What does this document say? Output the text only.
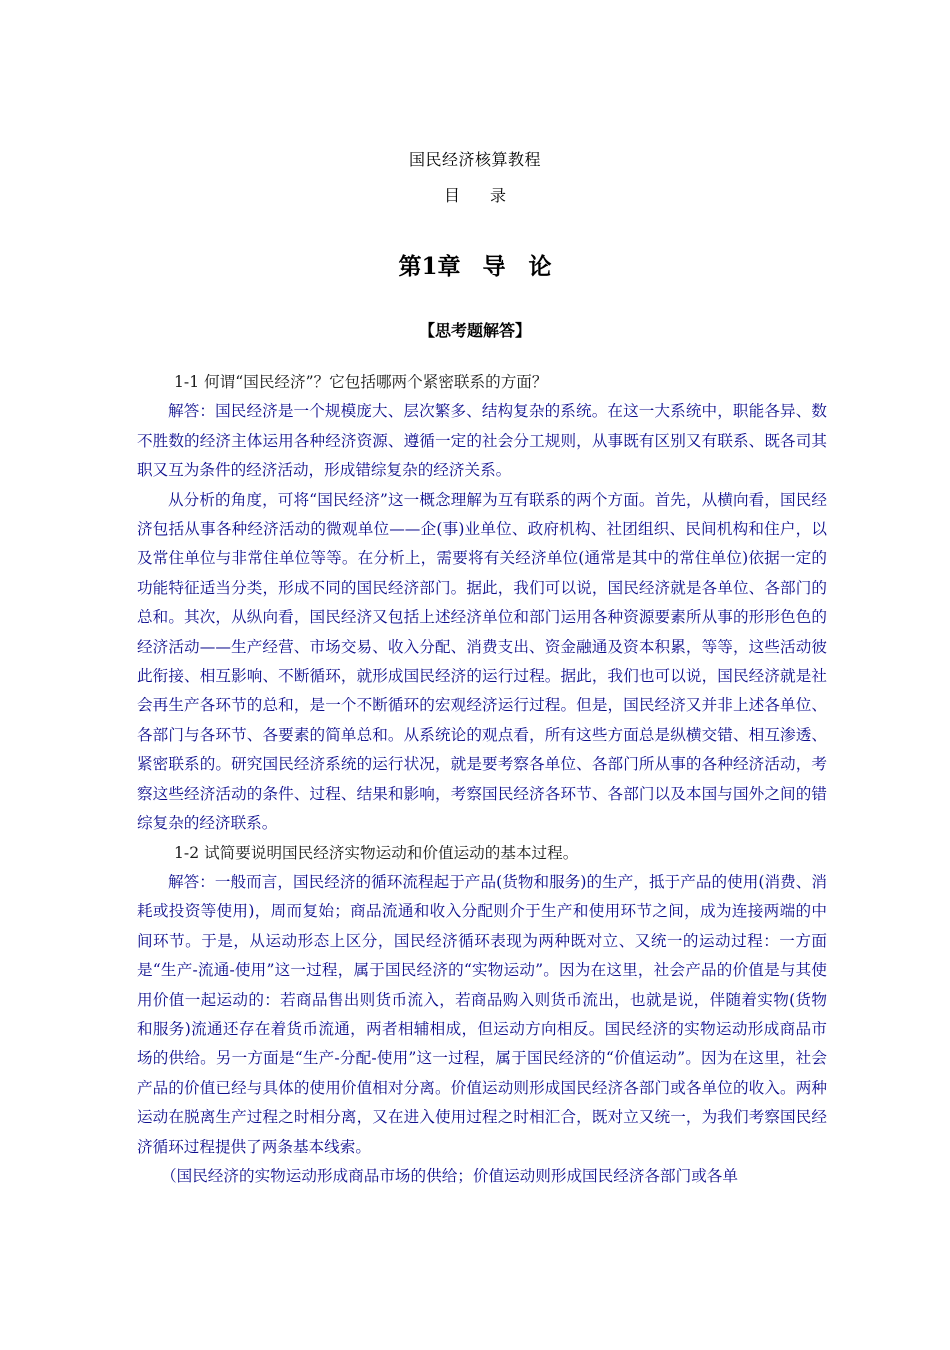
国民经济核算教程
目 录
第1章 导　论
【思考题解答】

1-1 何谓“国民经济”？它包括哪两个紧密联系的方面？

解答：国民经济是一个规模庞大、层次繁多、结构复杂的系统。在这一大系统中，职能各异、数不胜数的经济主体运用各种经济资源、遵循一定的社会分工规则，从事既有区别又有联系、既各司其职又互为条件的经济活动，形成错综复杂的经济关系。

从分析的角度，可将“国民经济”这一概念理解为互有联系的两个方面。首先，从横向看，国民经济包括从事各种经济活动的微观单位——企(事)业单位、政府机构、社团组织、民间机构和住户，以及常住单位与非常住单位等等。在分析上，需要将有关经济单位(通常是其中的常住单位)依据一定的功能特征适当分类，形成不同的国民经济部门。据此，我们可以说，国民经济就是各单位、各部门的总和。其次，从纵向看，国民经济又包括上述经济单位和部门运用各种资源要素所从事的形形色色的经济活动——生产经营、市场交易、收入分配、消费支出、资金融通及资本积累，等等，这些活动彼此衔接、相互影响、不断循环，就形成国民经济的运行过程。据此，我们也可以说，国民经济就是社会再生产各环节的总和，是一个不断循环的宏观经济运行过程。但是，国民经济又并非上述各单位、各部门与各环节、各要素的简单总和。从系统论的观点看，所有这些方面总是纵横交错、相互渗透、紧密联系的。研究国民经济系统的运行状况，就是要考察各单位、各部门所从事的各种经济活动，考察这些经济活动的条件、过程、结果和影响，考察国民经济各环节、各部门以及本国与国外之间的错综复杂的经济联系。

1-2 试简要说明国民经济实物运动和价值运动的基本过程。

解答：一般而言，国民经济的循环流程起于产品(货物和服务)的生产，抵于产品的使用(消费、消耗或投资等使用)，周而复始；商品流通和收入分配则介于生产和使用环节之间，成为连接两端的中间环节。于是，从运动形态上区分，国民经济循环表现为两种既对立、又统一的运动过程：一方面是“生产-流通-使用”这一过程，属于国民经济的“实物运动”。因为在这里，社会产品的价值是与其使用价值一起运动的：若商品售出则货币流入，若商品购入则货币流出，也就是说，伴随着实物(货物和服务)流通还存在着货币流通，两者相辅相成，但运动方向相反。国民经济的实物运动形成商品市场的供给。另一方面是“生产-分配-使用”这一过程，属于国民经济的“价值运动”。因为在这里，社会产品的价值已经与具体的使用价值相对分离。价值运动则形成国民经济各部门或各单位的收入。两种运动在脱离生产过程之时相分离，又在进入使用过程之时相汇合，既对立又统一，为我们考察国民经济循环过程提供了两条基本线索。

（国民经济的实物运动形成商品市场的供给；价值运动则形成国民经济各部门或各单
